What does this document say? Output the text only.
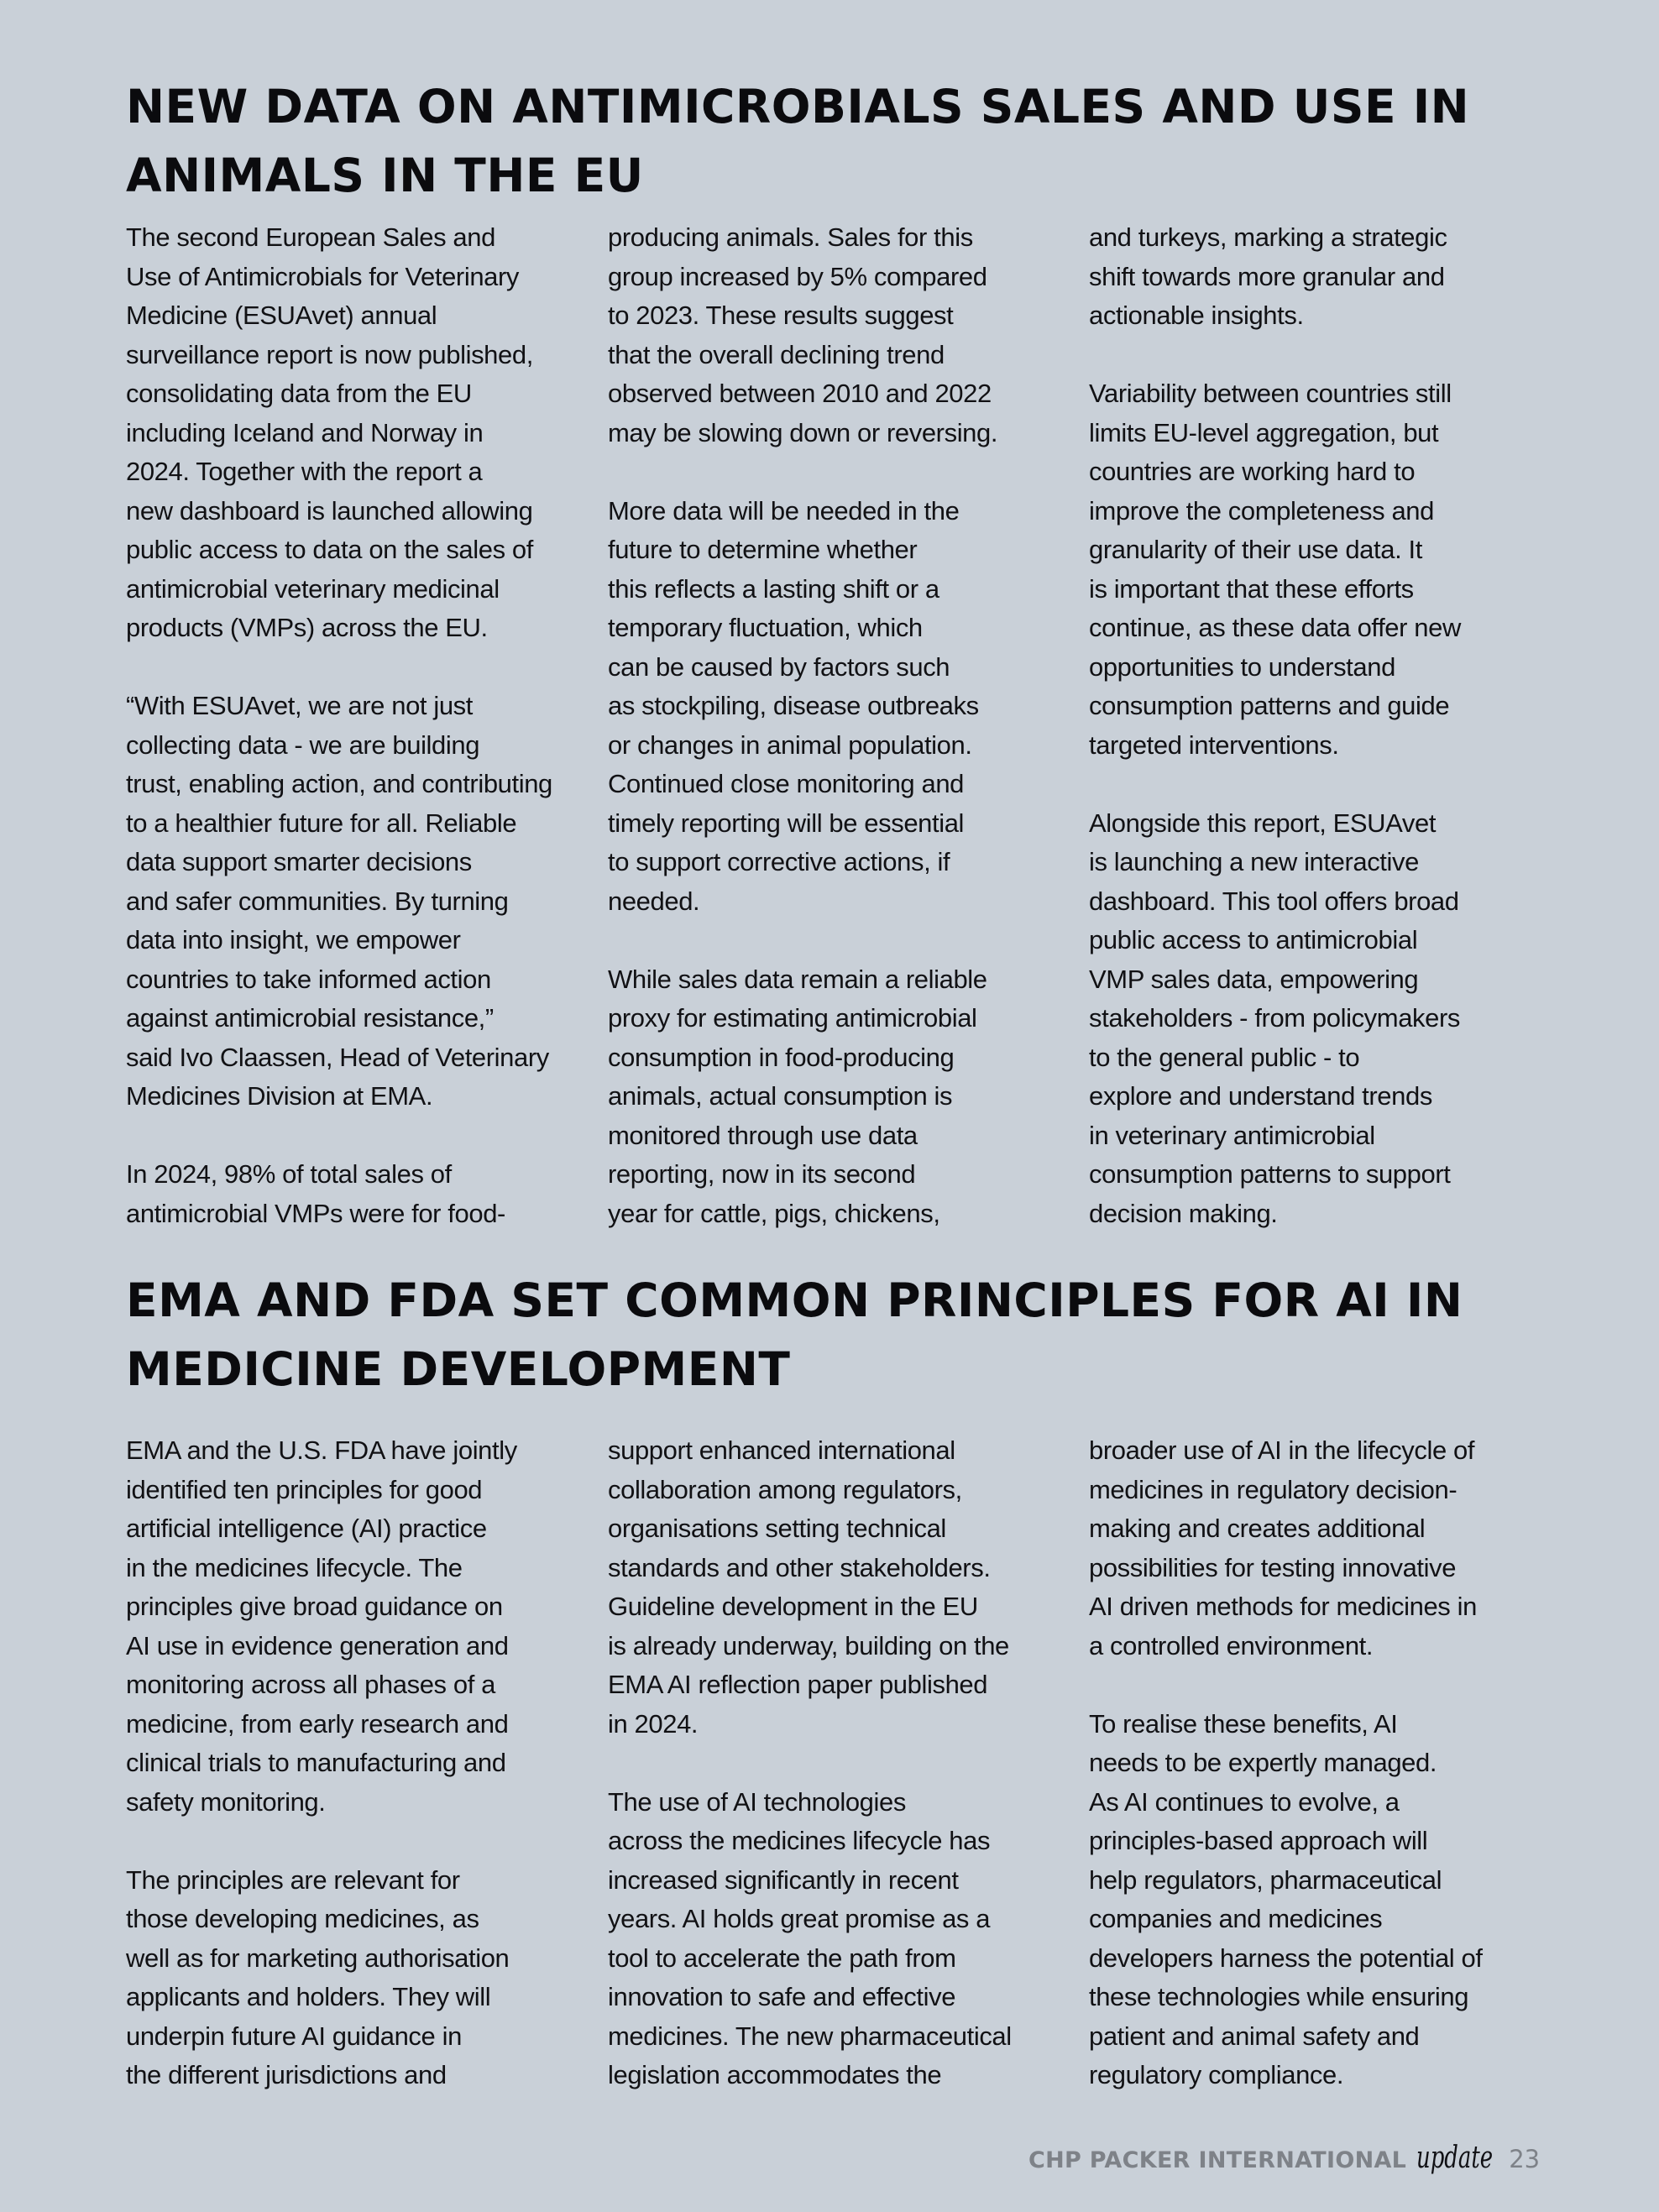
NEW DATA ON ANTIMICROBIALS SALES AND USE IN
ANIMALS IN THE EU
The second European Sales and
Use of Antimicrobials for Veterinary
Medicine (ESUAvet) annual
surveillance report is now published,
consolidating data from the EU
including Iceland and Norway in
2024. Together with the report a
new dashboard is launched allowing
public access to data on the sales of
antimicrobial veterinary medicinal
products (VMPs) across the EU.
“With ESUAvet, we are not just
collecting data - we are building
trust, enabling action, and contributing
to a healthier future for all. Reliable
data support smarter decisions
and safer communities. By turning
data into insight, we empower
countries to take informed action
against antimicrobial resistance,”
said Ivo Claassen, Head of Veterinary
Medicines Division at EMA.
In 2024, 98% of total sales of
antimicrobial VMPs were for food-
producing animals. Sales for this
group increased by 5% compared
to 2023. These results suggest
that the overall declining trend
observed between 2010 and 2022
may be slowing down or reversing.
More data will be needed in the
future to determine whether
this reflects a lasting shift or a
temporary fluctuation, which
can be caused by factors such
as stockpiling, disease outbreaks
or changes in animal population.
Continued close monitoring and
timely reporting will be essential
to support corrective actions, if
needed.
While sales data remain a reliable
proxy for estimating antimicrobial
consumption in food-producing
animals, actual consumption is
monitored through use data
reporting, now in its second
year for cattle, pigs, chickens,
and turkeys, marking a strategic
shift towards more granular and
actionable insights.
Variability between countries still
limits EU-level aggregation, but
countries are working hard to
improve the completeness and
granularity of their use data. It
is important that these efforts
continue, as these data offer new
opportunities to understand
consumption patterns and guide
targeted interventions.
Alongside this report, ESUAvet
is launching a new interactive
dashboard. This tool offers broad
public access to antimicrobial
VMP sales data, empowering
stakeholders - from policymakers
to the general public - to
explore and understand trends
in veterinary antimicrobial
consumption patterns to support
decision making.
EMA AND FDA SET COMMON PRINCIPLES FOR AI IN
MEDICINE DEVELOPMENT
EMA and the U.S. FDA have jointly
identified ten principles for good
artificial intelligence (AI) practice
in the medicines lifecycle. The
principles give broad guidance on
AI use in evidence generation and
monitoring across all phases of a
medicine, from early research and
clinical trials to manufacturing and
safety monitoring.
The principles are relevant for
those developing medicines, as
well as for marketing authorisation
applicants and holders. They will
underpin future AI guidance in
the different jurisdictions and
support enhanced international
collaboration among regulators,
organisations setting technical
standards and other stakeholders.
Guideline development in the EU
is already underway, building on the
EMA AI reflection paper published
in 2024.
The use of AI technologies
across the medicines lifecycle has
increased significantly in recent
years. AI holds great promise as a
tool to accelerate the path from
innovation to safe and effective
medicines. The new pharmaceutical
legislation accommodates the
broader use of AI in the lifecycle of
medicines in regulatory decision-
making and creates additional
possibilities for testing innovative
AI driven methods for medicines in
a controlled environment.
To realise these benefits, AI
needs to be expertly managed.
As AI continues to evolve, a
principles-based approach will
help regulators, pharmaceutical
companies and medicines
developers harness the potential of
these technologies while ensuring
patient and animal safety and
regulatory compliance.
CHP PACKER INTERNATIONAL update 23
